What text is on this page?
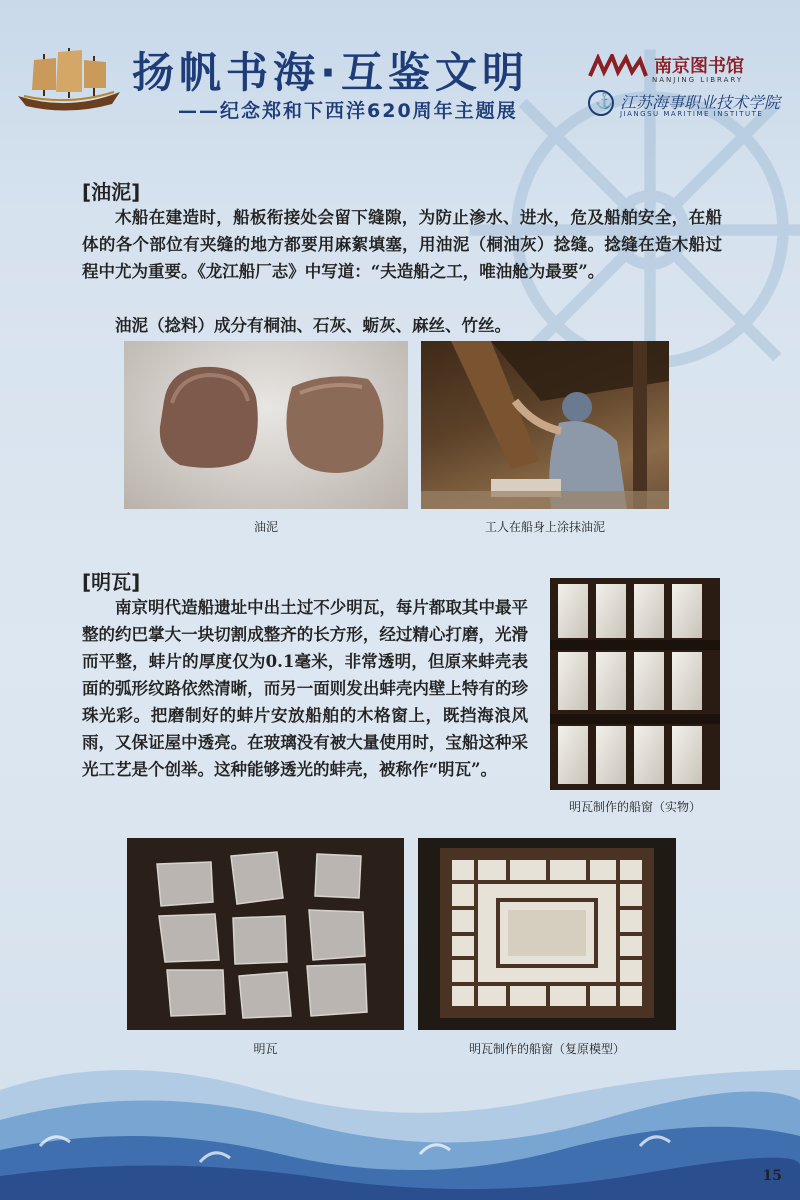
扬帆书海·互鉴文明
——纪念郑和下西洋620周年主题展
南京图书馆
NANJING LIBRARY
⚓
江苏海事职业技术学院
JIANGSU MARITIME INSTITUTE
[油泥]

木船在建造时，船板衔接处会留下缝隙，为防止渗水、进水，危及船舶安全，在船体的各个部位有夹缝的地方都要用麻絮填塞，用油泥（桐油灰）捻缝。捻缝在造木船过程中尤为重要。《龙江船厂志》中写道：“夫造船之工，唯油舱为最要”。

油泥（捻料）成分有桐油、石灰、蛎灰、麻丝、竹丝。

油泥	工人在船身上涂抹油泥
[明瓦]

南京明代造船遗址中出土过不少明瓦，每片都取其中最平整的约巴掌大一块切割成整齐的长方形，经过精心打磨，光滑而平整，蚌片的厚度仅为0.1毫米，非常透明，但原来蚌壳表面的弧形纹路依然清晰，而另一面则发出蚌壳内壁上特有的珍珠光彩。把磨制好的蚌片安放船舶的木格窗上，既挡海浪风雨，又保证屋中透亮。在玻璃没有被大量使用时，宝船这种采光工艺是个创举。这种能够透光的蚌壳，被称作“明瓦”。

明瓦制作的船窗（实物）
明瓦	明瓦制作的船窗（复原模型）
15
